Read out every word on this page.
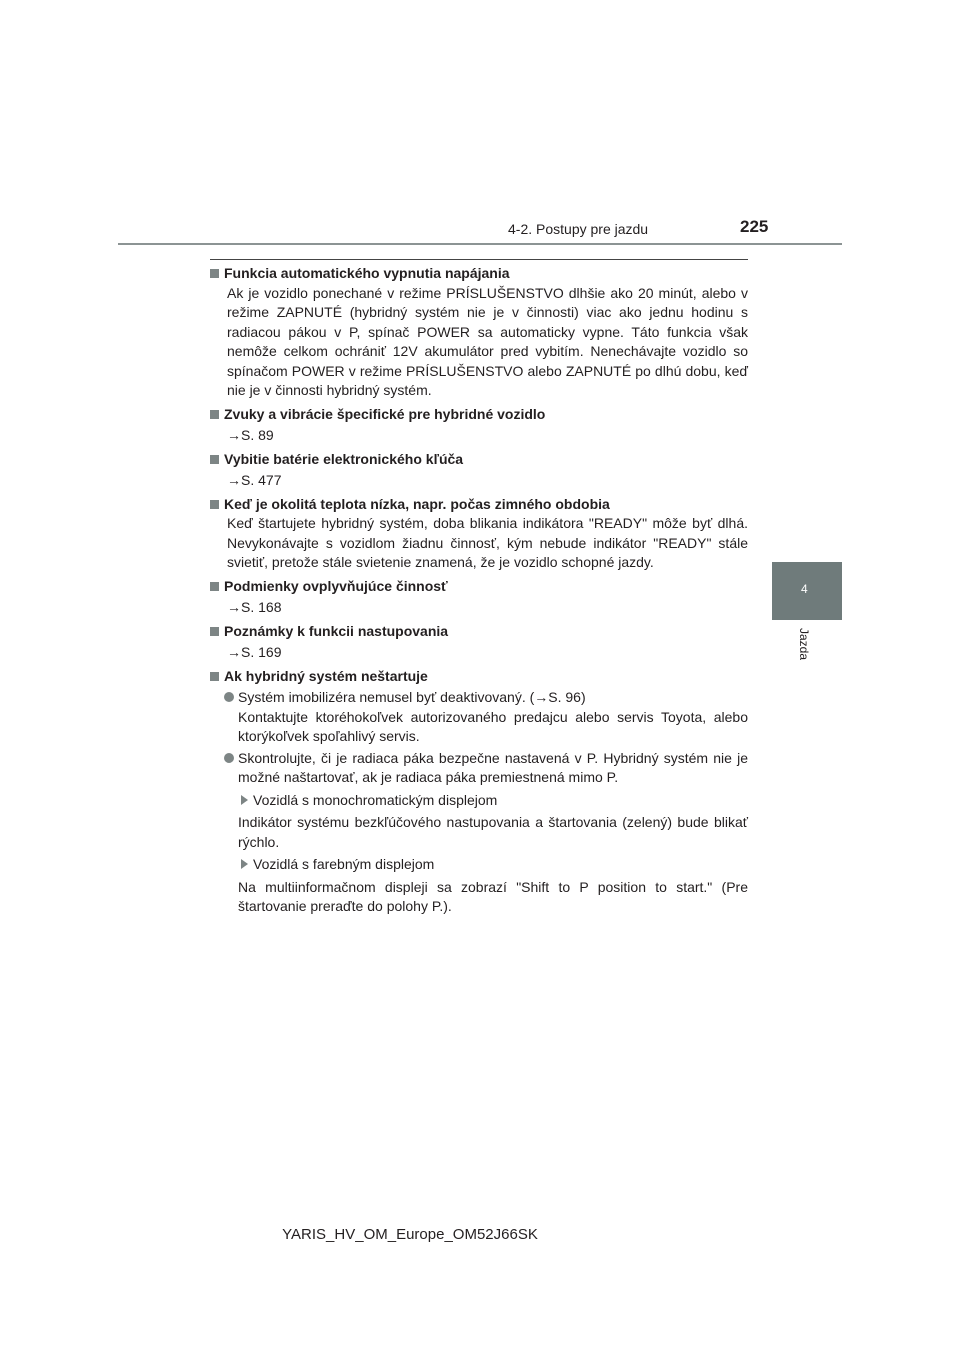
4-2. Postupy pre jazdu	225
4
Jazda
Funkcia automatického vypnutia napájania
Ak je vozidlo ponechané v režime PRÍSLUŠENSTVO dlhšie ako 20 minút, alebo v režime ZAPNUTÉ (hybridný systém nie je v činnosti) viac ako jednu hodinu s radiacou pákou v P, spínač POWER sa automaticky vypne. Táto funkcia však nemôže celkom ochrániť 12V akumulátor pred vybitím. Nenechávajte vozidlo so spínačom POWER v režime PRÍSLUŠENSTVO alebo ZAPNUTÉ po dlhú dobu, keď nie je v činnosti hybridný systém.
Zvuky a vibrácie špecifické pre hybridné vozidlo
→S. 89
Vybitie batérie elektronického kľúča
→S. 477
Keď je okolitá teplota nízka, napr. počas zimného obdobia
Keď štartujete hybridný systém, doba blikania indikátora "READY" môže byť dlhá. Nevykonávajte s vozidlom žiadnu činnosť, kým nebude indikátor "READY" stále svietiť, pretože stále svietenie znamená, že je vozidlo schopné jazdy.
Podmienky ovplyvňujúce činnosť
→S. 168
Poznámky k funkcii nastupovania
→S. 169
Ak hybridný systém neštartuje
Systém imobilizéra nemusel byť deaktivovaný. (→S. 96)
Kontaktujte ktoréhokoľvek autorizovaného predajcu alebo servis Toyota, alebo ktorýkoľvek spoľahlivý servis.
Skontrolujte, či je radiaca páka bezpečne nastavená v P. Hybridný systém nie je možné naštartovať, ak je radiaca páka premiestnená mimo P.
Vozidlá s monochromatickým displejom
Indikátor systému bezkľúčového nastupovania a štartovania (zelený) bude blikať rýchlo.
Vozidlá s farebným displejom
Na multiinformačnom displeji sa zobrazí "Shift to P position to start." (Pre štartovanie preraďte do polohy P.).
YARIS_HV_OM_Europe_OM52J66SK
